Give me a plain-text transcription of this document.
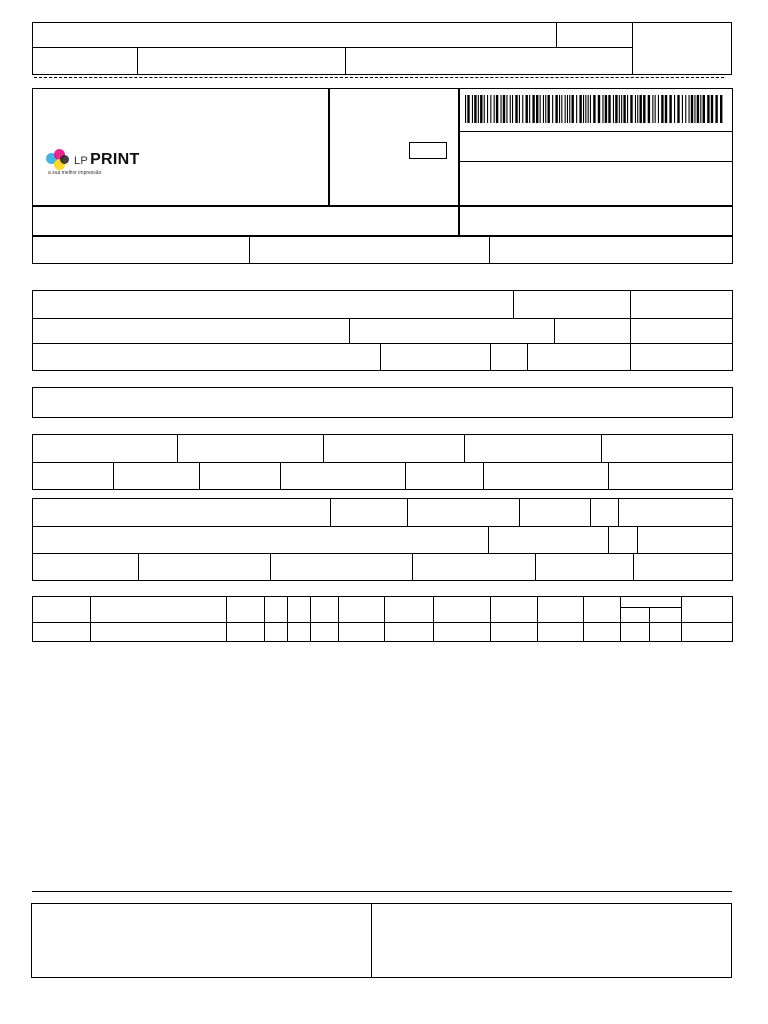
LP PRINT
a sua melhor impressão
